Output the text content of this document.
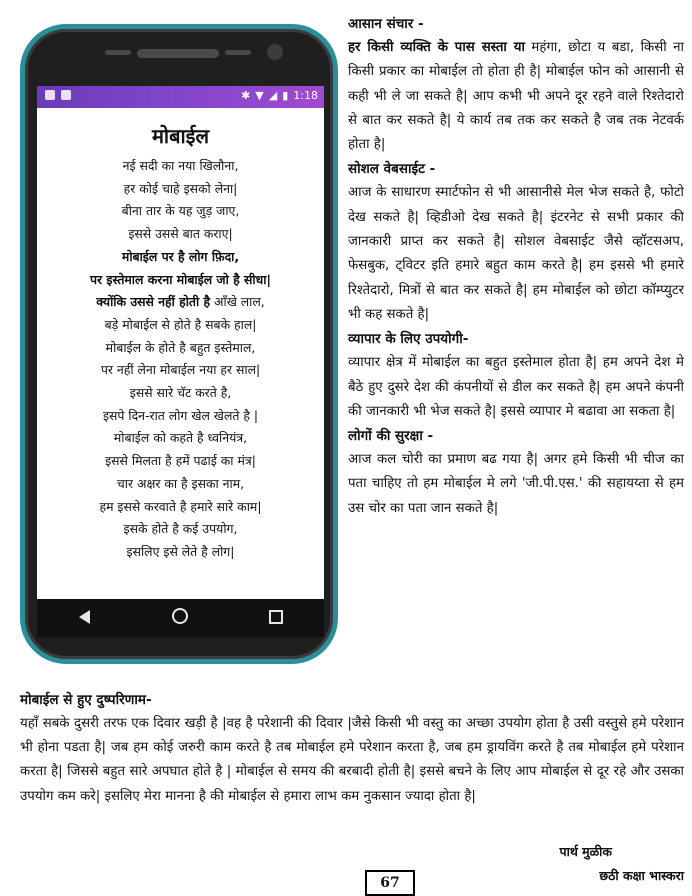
✱ ▼ ◢ ▮ 1:18
मोबाईल
नई सदी का नया खिलौना,
हर कोई चाहे इसको लेना|
बीना तार के यह जुड़ जाए,
इससे उससे बात कराए|
मोबाईल पर है लोग फ़िदा,
पर इस्तेमाल करना मोबाईल जो है सीधा|
क्योंकि उससे नहीं होती है आँखे लाल,
बड़े मोबाईल से होते है सबके हाल|
मोबाईल के होते है बहुत इस्तेमाल,
पर नहीं लेना मोबाईल नया हर साल|
इससे सारे चॅट करते है,
इसपे दिन-रात लोग खेल खेलते है |
मोबाईल को कहते है ध्वनियंत्र,
इससे मिलता है हमें पढाई का मंत्र|
चार अक्षर का है इसका नाम,
हम इससे करवाते है हमारे सारे काम|
इसके होते है कई उपयोग,
इसलिए इसे लेते है लोग|
आसान संचार -
हर किसी व्यक्ति के पास सस्ता या महंगा, छोटा य बडा, किसी ना किसी प्रकार का मोबाईल तो होता ही है| मोबाईल फोन को आसानी से कही भी ले जा सकते है| आप कभी भी अपने दूर रहने वाले रिश्तेदारो से बात कर सकते है| ये कार्य तब तक कर सकते है जब तक नेटवर्क होता है|
सोशल वेबसाईट -
आज के साधारण स्मार्टफोन से भी आसानीसे मेल भेज सकते है, फोटो देख सकते है| व्हिडीओ देख सकते है| इंटरनेट से सभी प्रकार की जानकारी प्राप्त कर सकते है| सोशल वेबसाईट जैसे व्हॉटसअप, फेसबुक, ट्विटर इति हमारे बहुत काम करते है| हम इससे भी हमारे रिश्तेदारो, मित्रों से बात कर सकते है| हम मोबाईल को छोटा कॉम्प्युटर भी कह सकते है|
व्यापार के लिए उपयोगी-
व्यापार क्षेत्र में मोबाईल का बहुत इस्तेमाल होता है| हम अपने देश मे बैठे हुए दुसरे देश की कंपनीयों से डील कर सकते है| हम अपने कंपनी की जानकारी भी भेज सकते है| इससे व्यापार मे बढावा आ सकता है|
लोगों की सुरक्षा -
आज कल चोरी का प्रमाण बढ गया है| अगर हमे किसी भी चीज का पता चाहिए तो हम मोबाईल मे लगे 'जी.पी.एस.' की सहायय्ता से हम उस चोर का पता जान सकते है|
मोबाईल से हुए दुष्परिणाम-
यहाँ सबके दुसरी तरफ एक दिवार खड़ी है |वह है परेशानी की दिवार |जैसे किसी भी वस्तु का अच्छा उपयोग होता है उसी वस्तुसे हमे परेशान भी होना पडता है| जब हम कोई जरुरी काम करते है तब मोबाईल हमे परेशान करता है, जब हम ड्रायविंग करते है तब मोबाईल हमे परेशान करता है| जिससे बहुत सारे अपघात होते है | मोबाईल से समय की बरबादी होती है| इससे बचने के लिए आप मोबाईल से दूर रहे और उसका उपयोग कम करे| इसलिए मेरा मानना है की मोबाईल से हमारा लाभ कम नुकसान ज्यादा होता है|
पार्थ मुळीक
67	छठी कक्षा भास्करा
